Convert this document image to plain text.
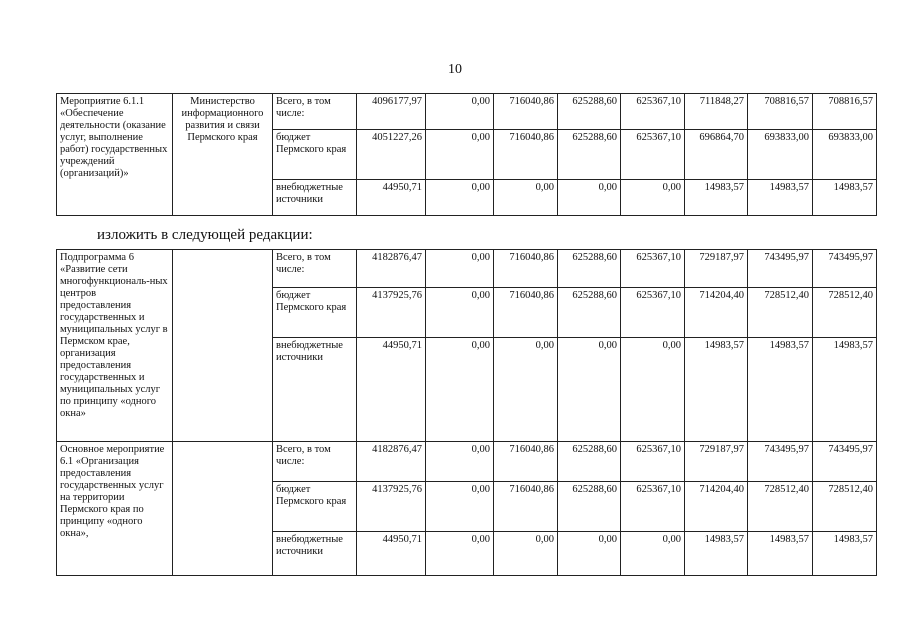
10
Мероприятие 6.1.1 «Обеспечение деятельности (оказание услуг, выполнение работ) государственных учреждений (организаций)»	Министерство информационного развития и связи Пермского края	Всего, в том числе:	4096177,97	0,00	716040,86	625288,60	625367,10	711848,27	708816,57	708816,57
		бюджет Пермского края	4051227,26	0,00	716040,86	625288,60	625367,10	696864,70	693833,00	693833,00
		внебюджетные источники	44950,71	0,00	0,00	0,00	0,00	14983,57	14983,57	14983,57
изложить в следующей редакции:
Подпрограмма 6 «Развитие сети многофункциональ-ных центров предоставления государственных и муниципальных услуг в Пермском крае, организация предоставления государственных и муниципальных услуг по принципу «одного окна»		Всего, в том числе:	4182876,47	0,00	716040,86	625288,60	625367,10	729187,97	743495,97	743495,97
		бюджет Пермского края	4137925,76	0,00	716040,86	625288,60	625367,10	714204,40	728512,40	728512,40
		внебюджетные источники	44950,71	0,00	0,00	0,00	0,00	14983,57	14983,57	14983,57
Основное мероприятие 6.1 «Организация предоставления государственных услуг на территории Пермского края по принципу «одного окна»,		Всего, в том числе:	4182876,47	0,00	716040,86	625288,60	625367,10	729187,97	743495,97	743495,97
		бюджет Пермского края	4137925,76	0,00	716040,86	625288,60	625367,10	714204,40	728512,40	728512,40
		внебюджетные источники	44950,71	0,00	0,00	0,00	0,00	14983,57	14983,57	14983,57
